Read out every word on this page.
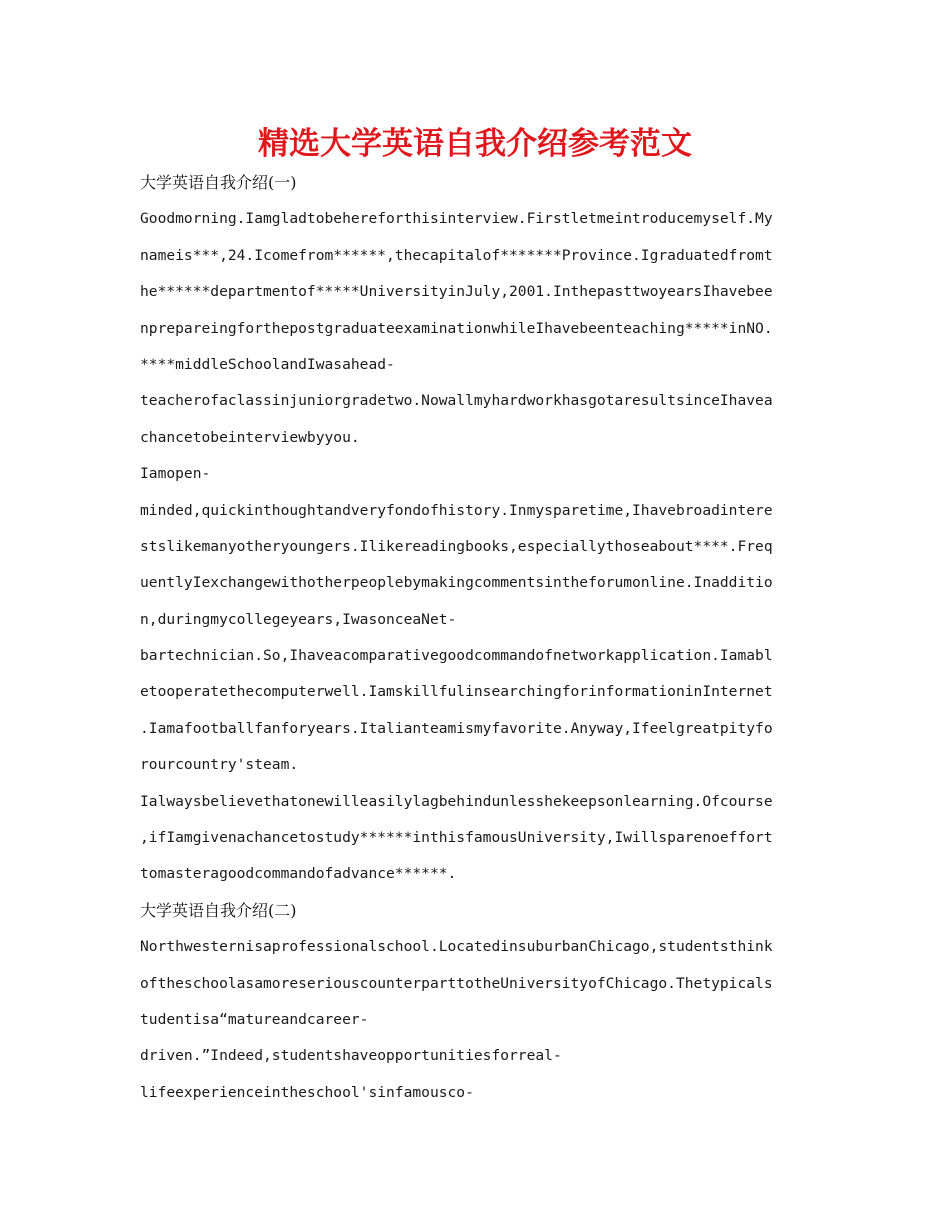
精选大学英语自我介绍参考范文
大学英语自我介绍(一)
Goodmorning.Iamgladtobehereforthisinterview.Firstletmeintroducemyself.My
nameis***,24.Icomefrom******,thecapitalof*******Province.Igraduatedfromt
he******departmentof*****UniversityinJuly,2001.InthepasttwoyearsIhavebee
nprepareingforthepostgraduateexaminationwhileIhavebeenteaching*****inNO.
****middleSchoolandIwasahead-
teacherofaclassinjuniorgradetwo.NowallmyhardworkhasgotaresultsinceIhavea
chancetobeinterviewbyyou.
Iamopen-
minded,quickinthoughtandveryfondofhistory.Inmysparetime,Ihavebroadintere
stslikemanyotheryoungers.Ilikereadingbooks,especiallythoseabout****.Freq
uentlyIexchangewithotherpeoplebymakingcommentsintheforumonline.Inadditio
n,duringmycollegeyears,IwasonceaNet-
bartechnician.So,Ihaveacomparativegoodcommandofnetworkapplication.Iamabl
etooperatethecomputerwell.IamskillfulinsearchingforinformationinInternet
.Iamafootballfanforyears.Italianteamismyfavorite.Anyway,Ifeelgreatpityfo
rourcountry'steam.
Ialwaysbelievethatonewilleasilylagbehindunlesshekeepsonlearning.Ofcourse
,ifIamgivenachancetostudy******inthisfamousUniversity,Iwillsparenoeffort
tomasteragoodcommandofadvance******.
大学英语自我介绍(二)
Northwesternisaprofessionalschool.LocatedinsuburbanChicago,studentsthink
oftheschoolasamoreseriouscounterparttotheUniversityofChicago.Thetypicals
tudentisa“matureandcareer-
driven.”Indeed,studentshaveopportunitiesforreal-
lifeexperienceintheschool'sinfamousco-
